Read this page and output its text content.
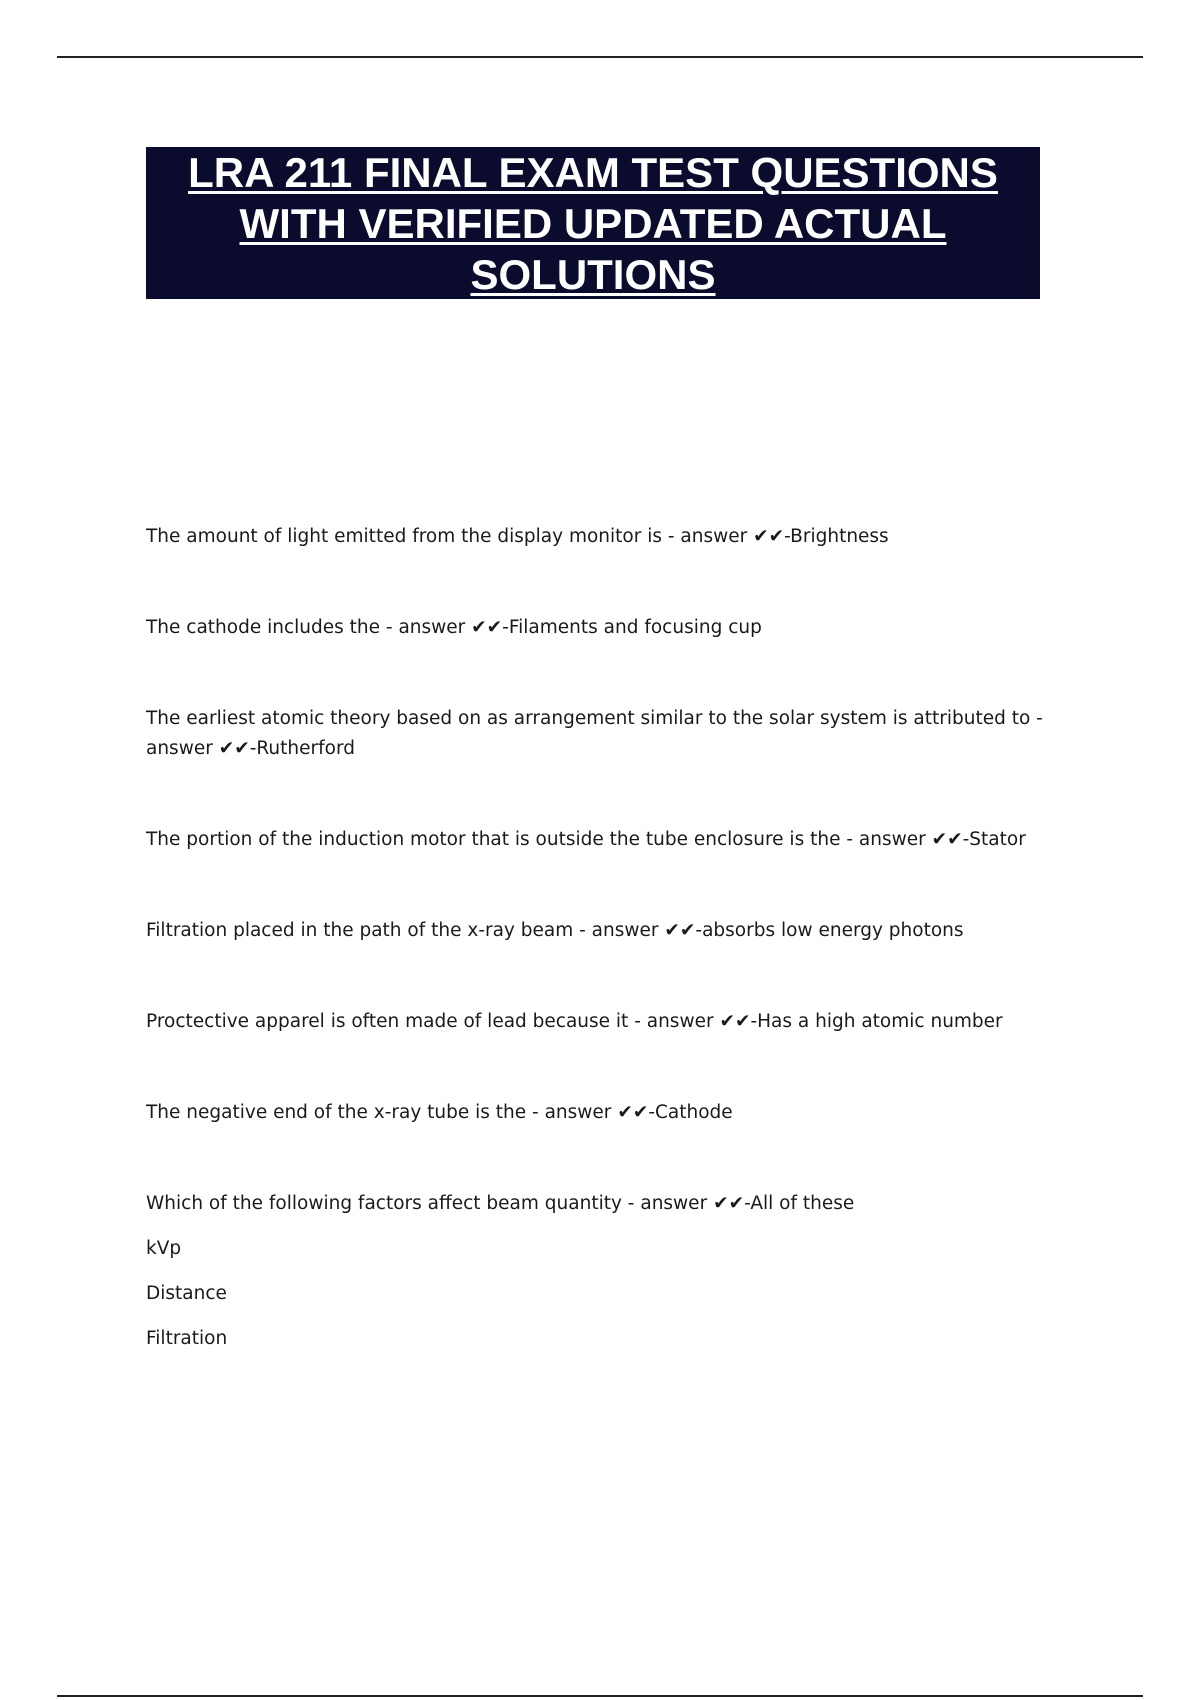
LRA 211 FINAL EXAM TEST QUESTIONS
WITH VERIFIED UPDATED ACTUAL
SOLUTIONS

The amount of light emitted from the display monitor is - answer ✔✔-Brightness

The cathode includes the - answer ✔✔-Filaments and focusing cup

The earliest atomic theory based on as arrangement similar to the solar system is attributed to - answer ✔✔-Rutherford

The portion of the induction motor that is outside the tube enclosure is the - answer ✔✔-Stator

Filtration placed in the path of the x-ray beam - answer ✔✔-absorbs low energy photons

Proctective apparel is often made of lead because it - answer ✔✔-Has a high atomic number

The negative end of the x-ray tube is the - answer ✔✔-Cathode

Which of the following factors affect beam quantity - answer ✔✔-All of these

kVp
Distance
Filtration
